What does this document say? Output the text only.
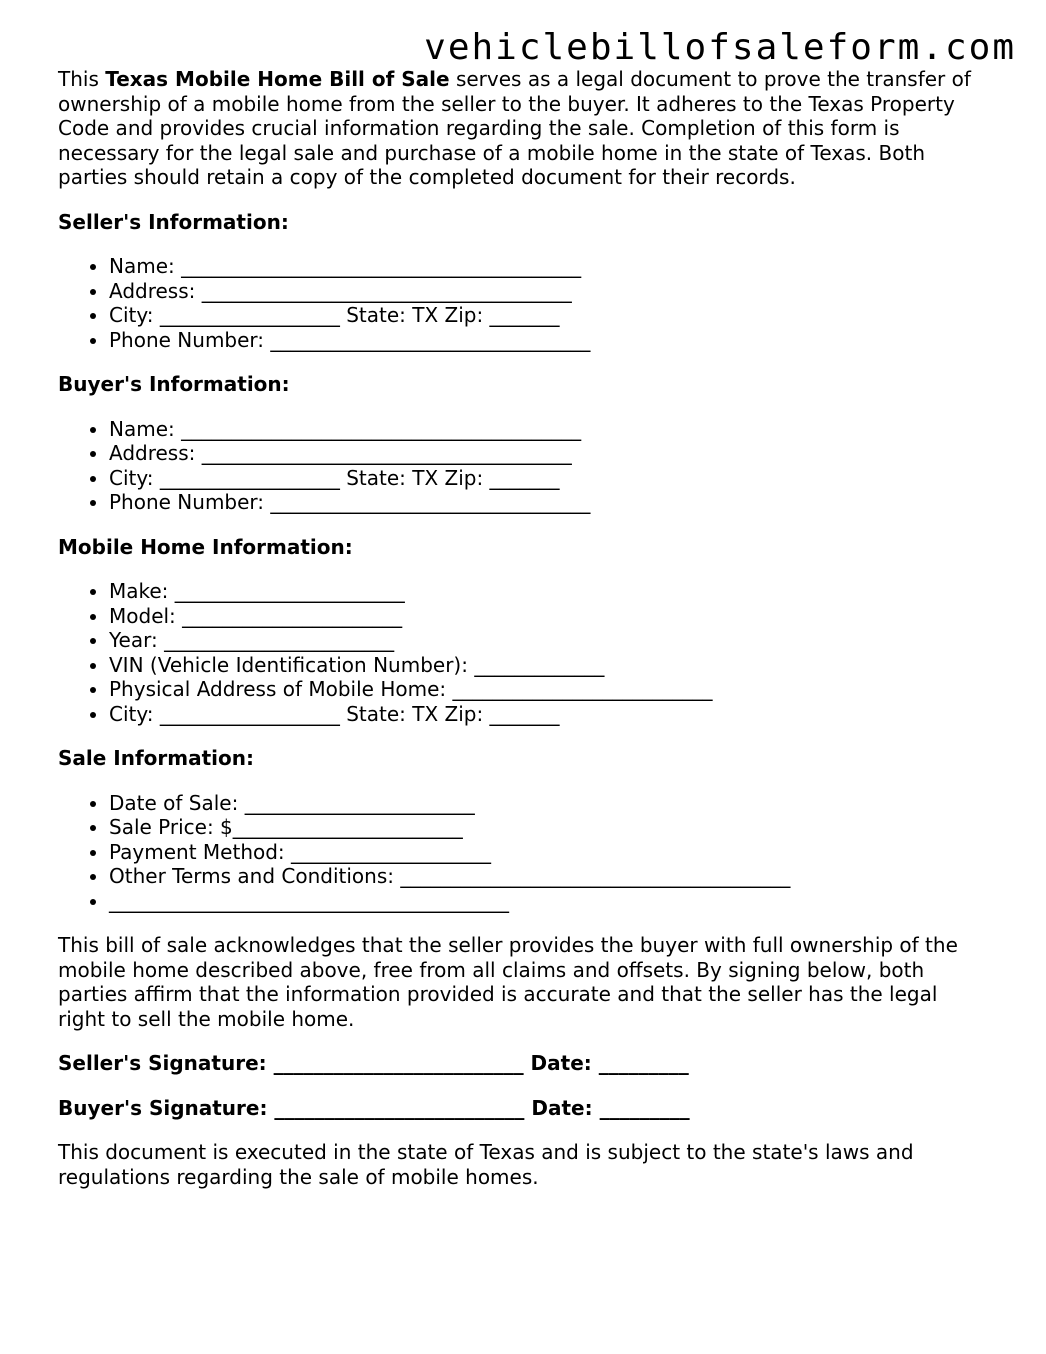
vehiclebillofsaleform.com

This Texas Mobile Home Bill of Sale serves as a legal document to prove the transfer of ownership of a mobile home from the seller to the buyer. It adheres to the Texas Property Code and provides crucial information regarding the sale. Completion of this form is necessary for the legal sale and purchase of a mobile home in the state of Texas. Both parties should retain a copy of the completed document for their records.

Seller's Information:
• Name: ________________________________________
• Address: _____________________________________
• City: __________________ State: TX Zip: _______
• Phone Number: ________________________________
Buyer's Information:
• Name: ________________________________________
• Address: _____________________________________
• City: __________________ State: TX Zip: _______
• Phone Number: ________________________________
Mobile Home Information:
• Make: _______________________
• Model: ______________________
• Year: _______________________
• VIN (Vehicle Identification Number): _____________
• Physical Address of Mobile Home: __________________________
• City: __________________ State: TX Zip: _______
Sale Information:
• Date of Sale: _______________________
• Sale Price: $_______________________
• Payment Method: ____________________
• Other Terms and Conditions: _______________________________________
• ________________________________________

This bill of sale acknowledges that the seller provides the buyer with full ownership of the mobile home described above, free from all claims and offsets. By signing below, both parties affirm that the information provided is accurate and that the seller has the legal right to sell the mobile home.

Seller's Signature: _________________________ Date: _________

Buyer's Signature: _________________________ Date: _________

This document is executed in the state of Texas and is subject to the state's laws and regulations regarding the sale of mobile homes.
